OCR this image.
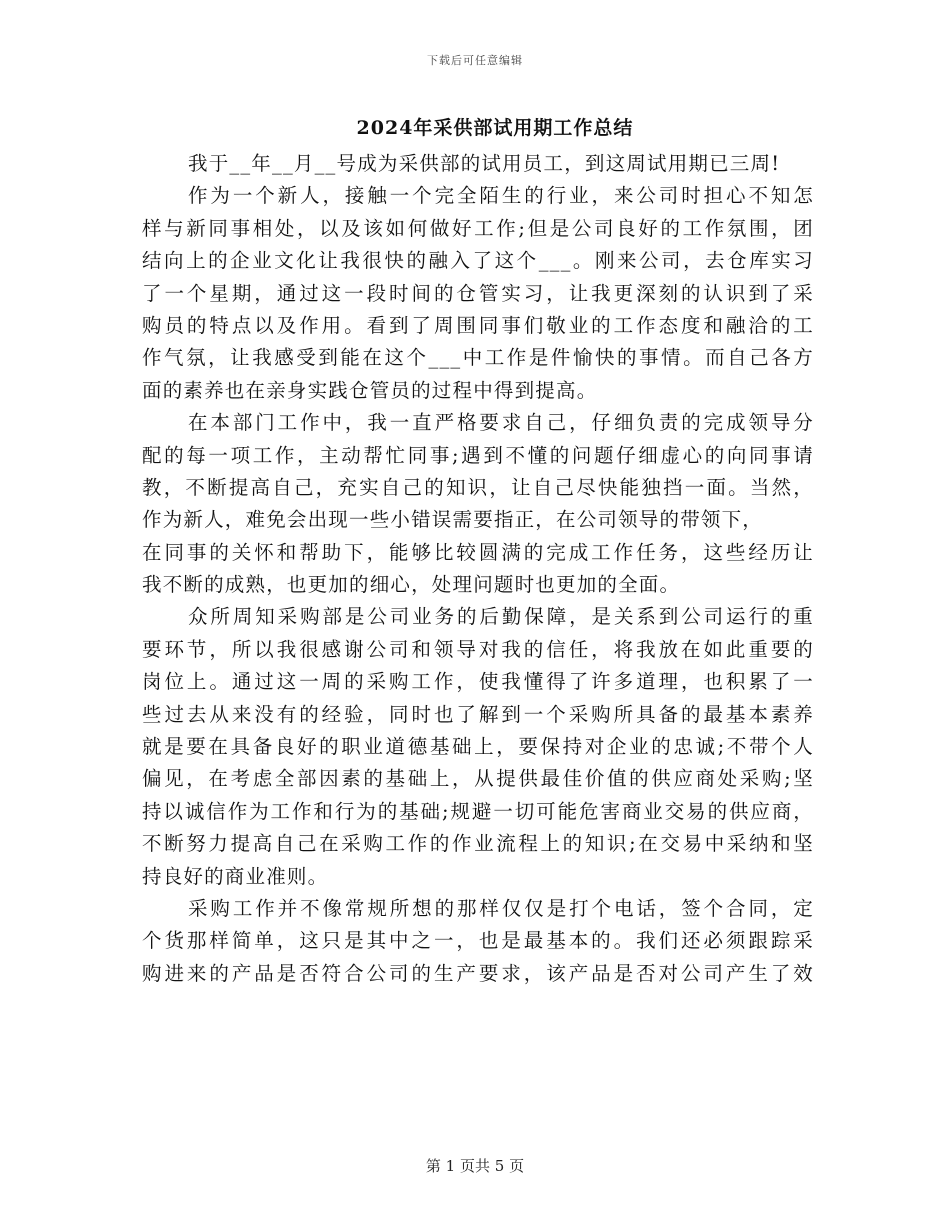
下载后可任意编辑
2024年采供部试用期工作总结
我于__年__月__号成为采供部的试用员工，到这周试用期已三周!
作为一个新人，接触一个完全陌生的行业，来公司时担心不知怎
样与新同事相处，以及该如何做好工作;但是公司良好的工作氛围，团
结向上的企业文化让我很快的融入了这个___。刚来公司，去仓库实习
了一个星期，通过这一段时间的仓管实习，让我更深刻的认识到了采
购员的特点以及作用。看到了周围同事们敬业的工作态度和融洽的工
作气氛，让我感受到能在这个___中工作是件愉快的事情。而自己各方
面的素养也在亲身实践仓管员的过程中得到提高。
在本部门工作中，我一直严格要求自己，仔细负责的完成领导分
配的每一项工作，主动帮忙同事;遇到不懂的问题仔细虚心的向同事请
教，不断提高自己，充实自己的知识，让自己尽快能独挡一面。当然，
作为新人，难免会出现一些小错误需要指正，在公司领导的带领下，
在同事的关怀和帮助下，能够比较圆满的完成工作任务，这些经历让
我不断的成熟，也更加的细心，处理问题时也更加的全面。
众所周知采购部是公司业务的后勤保障，是关系到公司运行的重
要环节，所以我很感谢公司和领导对我的信任，将我放在如此重要的
岗位上。通过这一周的采购工作，使我懂得了许多道理，也积累了一
些过去从来没有的经验，同时也了解到一个采购所具备的最基本素养
就是要在具备良好的职业道德基础上，要保持对企业的忠诚;不带个人
偏见，在考虑全部因素的基础上，从提供最佳价值的供应商处采购;坚
持以诚信作为工作和行为的基础;规避一切可能危害商业交易的供应商，
不断努力提高自己在采购工作的作业流程上的知识;在交易中采纳和坚
持良好的商业准则。
采购工作并不像常规所想的那样仅仅是打个电话，签个合同，定
个货那样简单，这只是其中之一，也是最基本的。我们还必须跟踪采
购进来的产品是否符合公司的生产要求，该产品是否对公司产生了效
第 1 页共 5 页
